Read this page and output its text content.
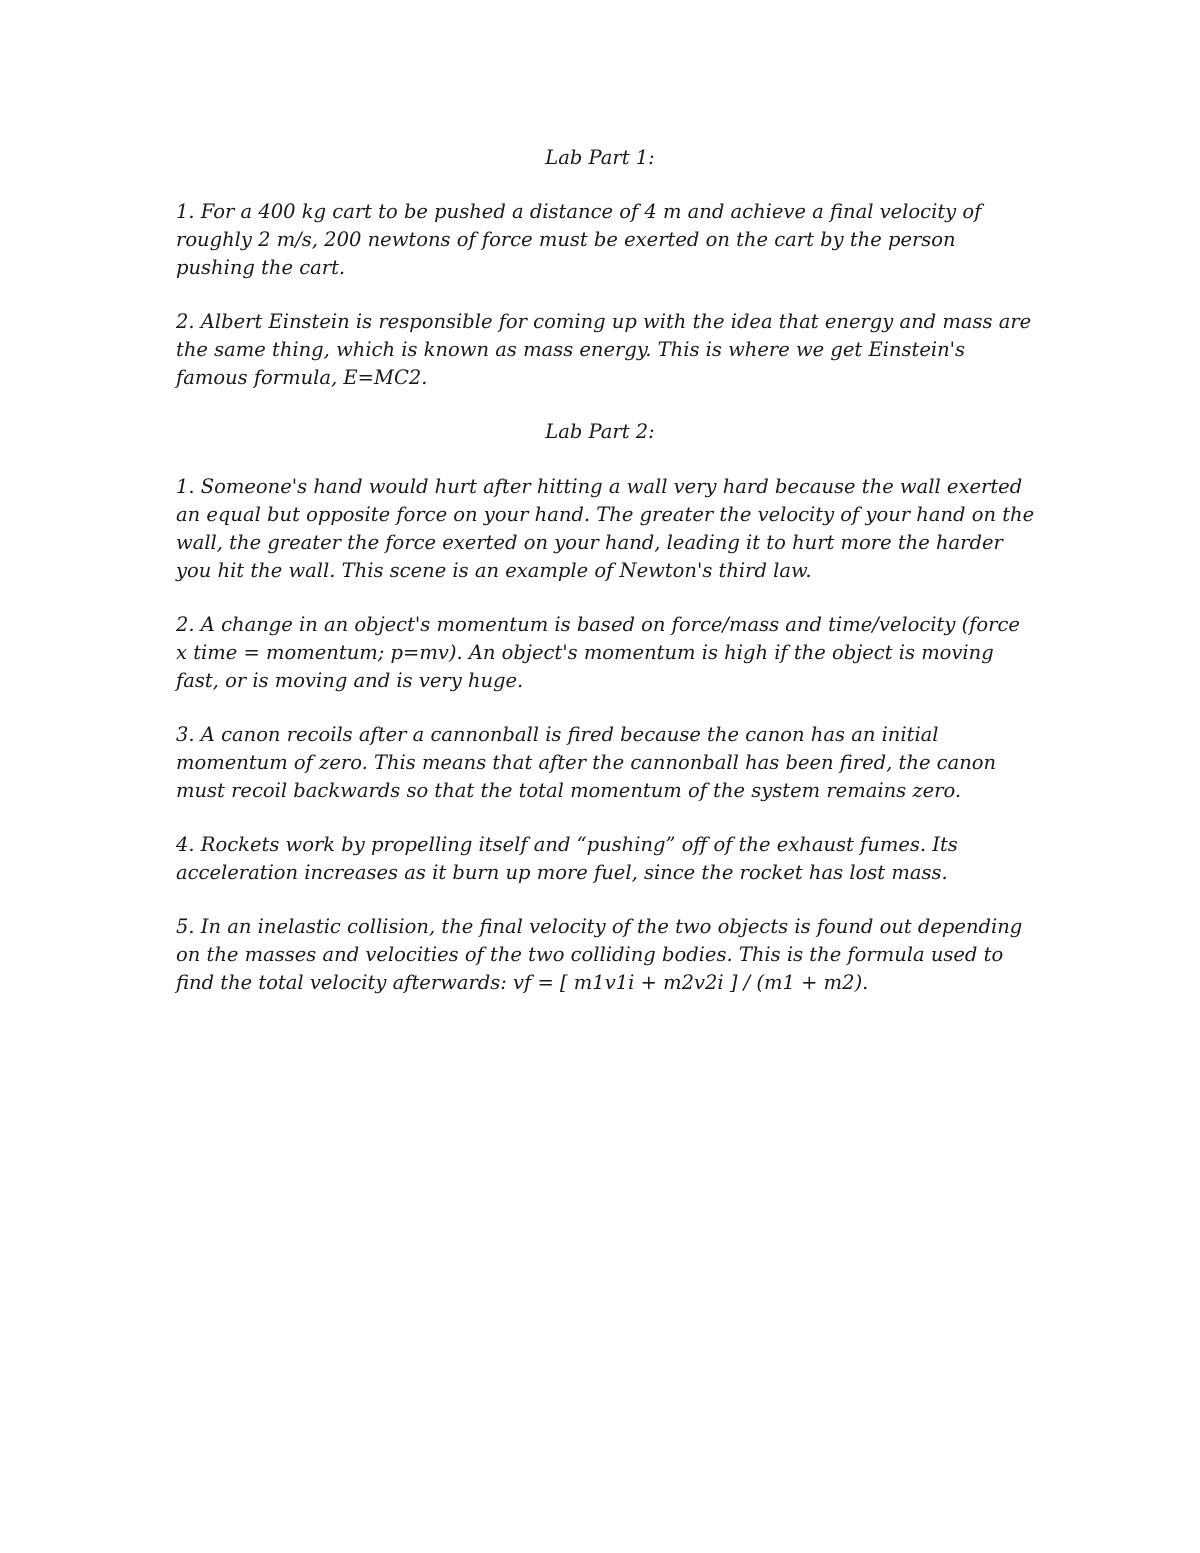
Lab Part 1:
1. For a 400 kg cart to be pushed a distance of 4 m and achieve a final velocity of roughly 2 m/s, 200 newtons of force must be exerted on the cart by the person pushing the cart.
2. Albert Einstein is responsible for coming up with the idea that energy and mass are the same thing, which is known as mass energy. This is where we get Einstein's famous formula, E=MC2.
Lab Part 2:
1. Someone's hand would hurt after hitting a wall very hard because the wall exerted an equal but opposite force on your hand. The greater the velocity of your hand on the wall, the greater the force exerted on your hand, leading it to hurt more the harder you hit the wall. This scene is an example of Newton's third law.
2. A change in an object's momentum is based on force/mass and time/velocity (force x time = momentum; p=mv). An object's momentum is high if the object is moving fast, or is moving and is very huge.
3. A canon recoils after a cannonball is fired because the canon has an initial momentum of zero. This means that after the cannonball has been fired, the canon must recoil backwards so that the total momentum of the system remains zero.
4. Rockets work by propelling itself and “pushing” off of the exhaust fumes. Its acceleration increases as it burn up more fuel, since the rocket has lost mass.
5. In an inelastic collision, the final velocity of the two objects is found out depending on the masses and velocities of the two colliding bodies. This is the formula used to find the total velocity afterwards: vf = [ m1v1i + m2v2i ] / (m1 + m2).
